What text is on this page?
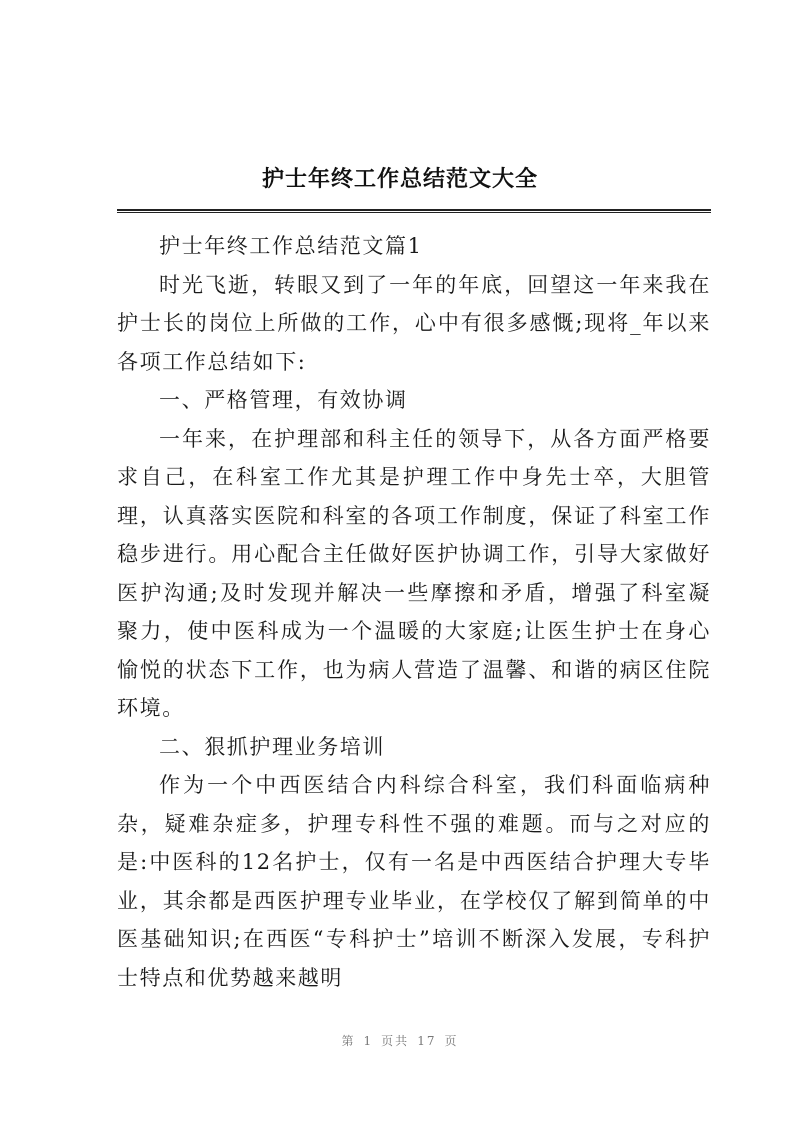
护士年终工作总结范文大全

护士年终工作总结范文篇1

时光飞逝，转眼又到了一年的年底，回望这一年来我在护士长的岗位上所做的工作，心中有很多感慨;现将_年以来各项工作总结如下:

一、严格管理，有效协调

一年来，在护理部和科主任的领导下，从各方面严格要求自己，在科室工作尤其是护理工作中身先士卒，大胆管理，认真落实医院和科室的各项工作制度，保证了科室工作稳步进行。用心配合主任做好医护协调工作，引导大家做好医护沟通;及时发现并解决一些摩擦和矛盾，增强了科室凝聚力，使中医科成为一个温暖的大家庭;让医生护士在身心愉悦的状态下工作，也为病人营造了温馨、和谐的病区住院环境。

二、狠抓护理业务培训

作为一个中西医结合内科综合科室，我们科面临病种杂，疑难杂症多，护理专科性不强的难题。而与之对应的是:中医科的12名护士，仅有一名是中西医结合护理大专毕业，其余都是西医护理专业毕业，在学校仅了解到简单的中医基础知识;在西医“专科护士”培训不断深入发展，专科护士特点和优势越来越明

第 1 页共 17 页
